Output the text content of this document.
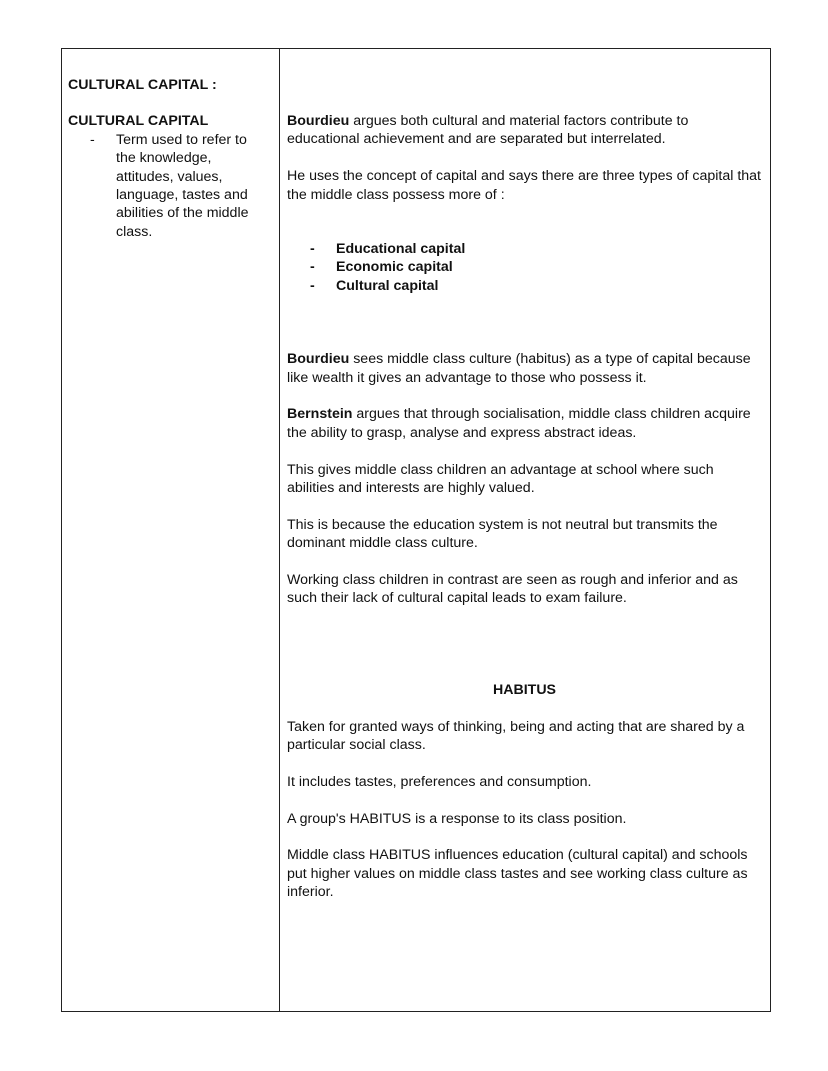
CULTURAL CAPITAL :

CULTURAL CAPITAL

-	Term used to refer to the knowledge, attitudes, values, language, tastes and abilities of the middle class.

Bourdieu argues both cultural and material factors contribute to educational achievement and are separated but interrelated.

He uses the concept of capital and says there are three types of capital that the middle class possess more of :

-	Educational capital
-	Economic capital
-	Cultural capital

Bourdieu sees middle class culture (habitus) as a type of capital because like wealth it gives an advantage to those who possess it.

Bernstein argues that through socialisation, middle class children acquire the ability to grasp, analyse and express abstract ideas.

This gives middle class children an advantage at school where such abilities and interests are highly valued.

This is because the education system is not neutral but transmits the dominant middle class culture.

Working class children in contrast are seen as rough and inferior and as such their lack of cultural capital leads to exam failure.

HABITUS

Taken for granted ways of thinking, being and acting that are shared by a particular social class.

It includes tastes, preferences and consumption.

A group's HABITUS is a response to its class position.

Middle class HABITUS influences education (cultural capital) and schools put higher values on middle class tastes and see working class culture as inferior.
